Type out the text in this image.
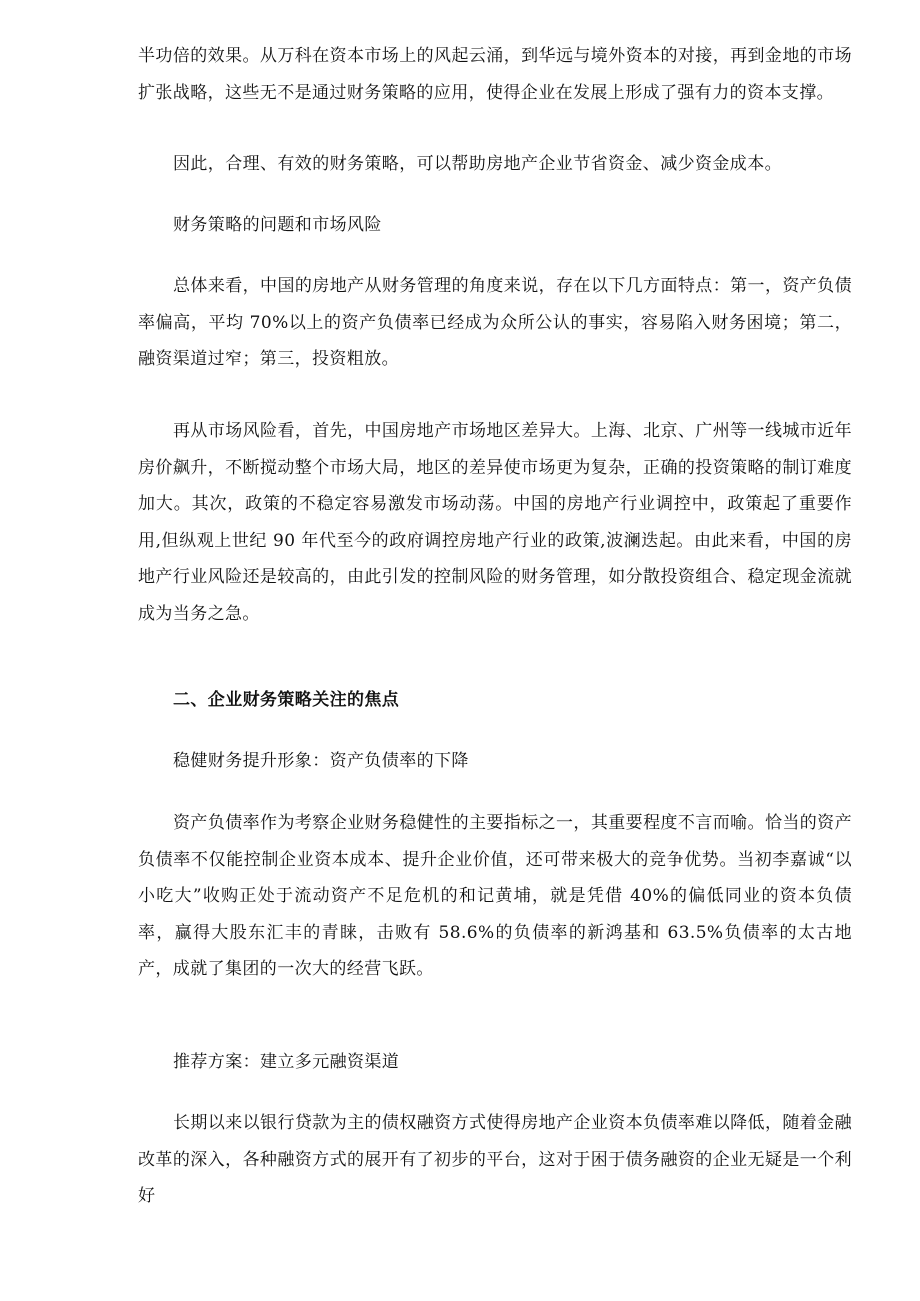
半功倍的效果。从万科在资本市场上的风起云涌，到华远与境外资本的对接，再到金地的市场扩张战略，这些无不是通过财务策略的应用，使得企业在发展上形成了强有力的资本支撑。

因此，合理、有效的财务策略，可以帮助房地产企业节省资金、减少资金成本。

财务策略的问题和市场风险

总体来看，中国的房地产从财务管理的角度来说，存在以下几方面特点：第一，资产负债率偏高，平均 70%以上的资产负债率已经成为众所公认的事实，容易陷入财务困境；第二，融资渠道过窄；第三，投资粗放。

再从市场风险看，首先，中国房地产市场地区差异大。上海、北京、广州等一线城市近年房价飙升，不断搅动整个市场大局，地区的差异使市场更为复杂，正确的投资策略的制订难度加大。其次，政策的不稳定容易激发市场动荡。中国的房地产行业调控中，政策起了重要作用,但纵观上世纪 90 年代至今的政府调控房地产行业的政策,波澜迭起。由此来看，中国的房地产行业风险还是较高的，由此引发的控制风险的财务管理，如分散投资组合、稳定现金流就成为当务之急。

二、企业财务策略关注的焦点

稳健财务提升形象：资产负债率的下降

资产负债率作为考察企业财务稳健性的主要指标之一，其重要程度不言而喻。恰当的资产负债率不仅能控制企业资本成本、提升企业价值，还可带来极大的竞争优势。当初李嘉诚“以小吃大”收购正处于流动资产不足危机的和记黄埔，就是凭借 40%的偏低同业的资本负债率，赢得大股东汇丰的青睐，击败有 58.6%的负债率的新鸿基和 63.5%负债率的太古地产，成就了集团的一次大的经营飞跃。

推荐方案：建立多元融资渠道

长期以来以银行贷款为主的债权融资方式使得房地产企业资本负债率难以降低，随着金融改革的深入，各种融资方式的展开有了初步的平台，这对于困于债务融资的企业无疑是一个利好
